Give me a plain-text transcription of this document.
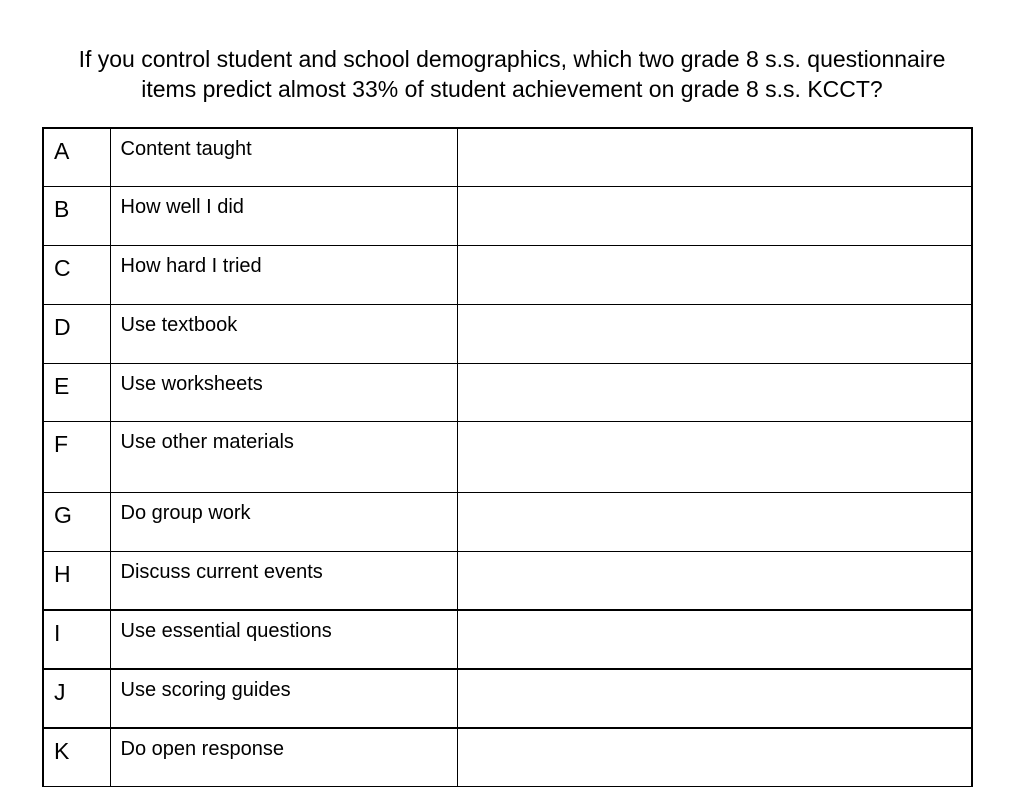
If you control student and school demographics, which two grade 8 s.s. questionnaire
items predict almost 33% of student achievement on grade 8 s.s. KCCT?
A	Content taught	
B	How well I did	
C	How hard I tried	
D	Use textbook	
E	Use worksheets	
F	Use other materials	
G	Do group work	
H	Discuss current events	
I	Use essential questions	
J	Use scoring guides	
K	Do open response	
